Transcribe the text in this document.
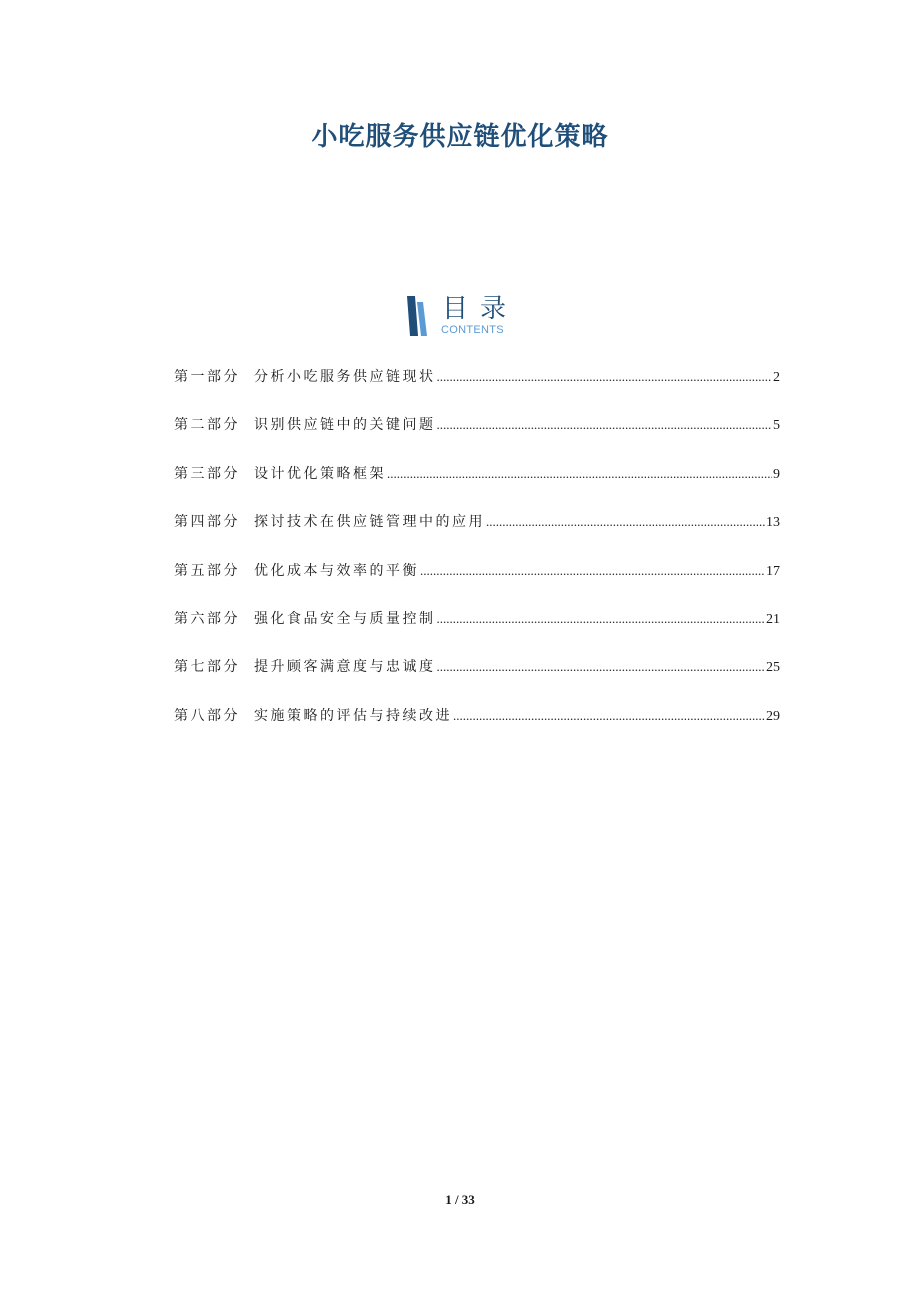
小吃服务供应链优化策略
目录
CONTENTS
第一部分	分析小吃服务供应链现状 .....	2
第二部分	识别供应链中的关键问题 .....	5
第三部分	设计优化策略框架 .....	9
第四部分	探讨技术在供应链管理中的应用 .....	13
第五部分	优化成本与效率的平衡 .....	17
第六部分	强化食品安全与质量控制 .....	21
第七部分	提升顾客满意度与忠诚度 .....	25
第八部分	实施策略的评估与持续改进 .....	29
1 / 33
